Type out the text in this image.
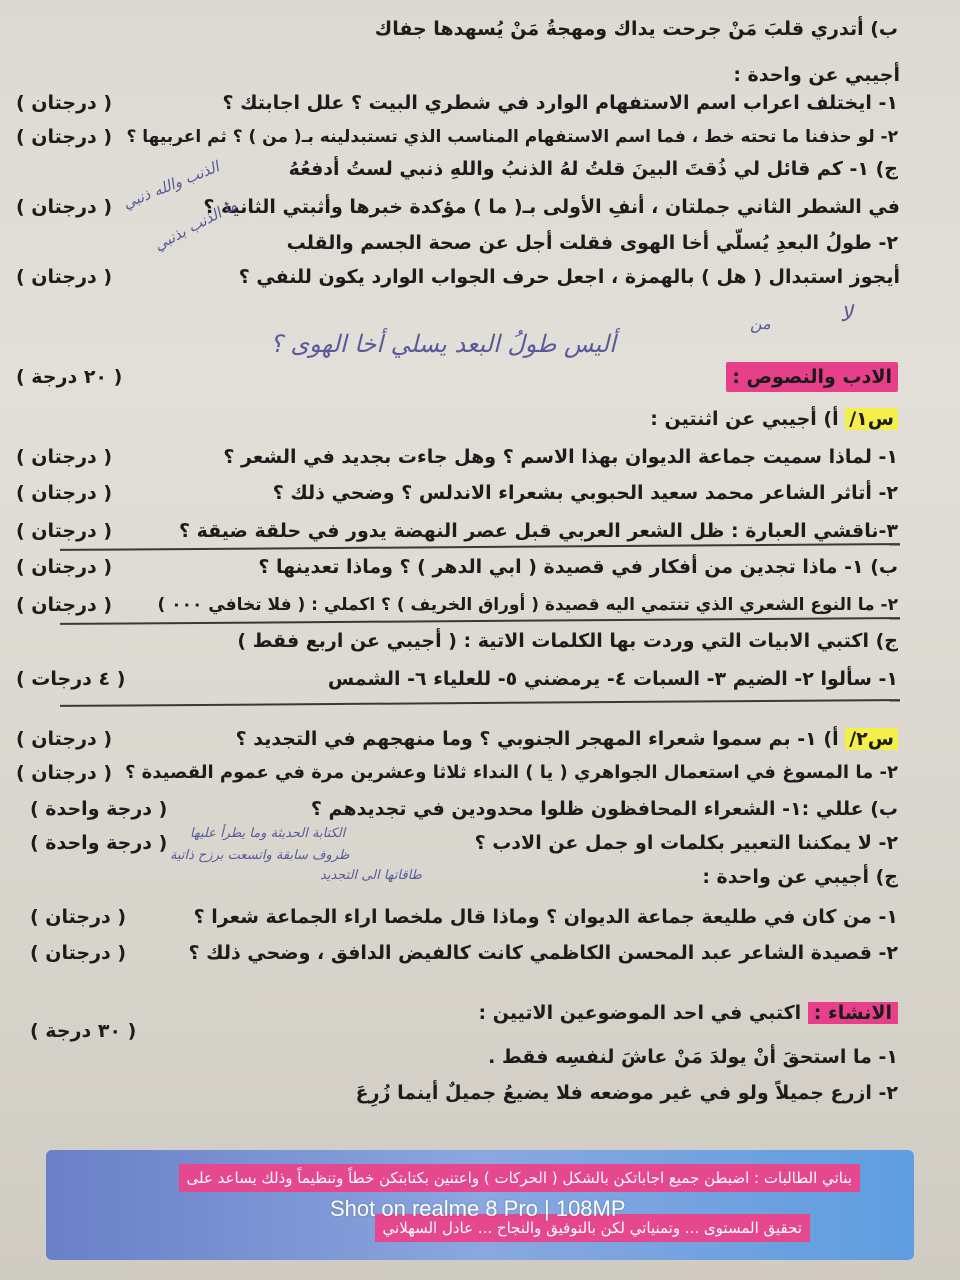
ب) أتدري قلبَ مَنْ جرحت يداك ومهجةُ مَنْ يُسهدها جفاك
أجيبي عن واحدة :
١- ايختلف اعراب اسم الاستفهام الوارد في شطري البيت ؟ علل اجابتك ؟
( درجتان )
٢- لو حذفنا ما تحته خط ، فما اسم الاستفهام المناسب الذي تستبدلينه بـ( من ) ؟ ثم اعربيها ؟
( درجتان )
ج) ١- كم قائل لي ذُقتَ البينَ قلتُ لهُ الذنبُ واللهِ ذنبي لستُ أدفعُهُ
في الشطر الثاني جملتان ، أنفِ الأولى بـ( ما ) مؤكدة خبرها وأثبتي الثانية ؟
( درجتان )
٢- طولُ البعدِ يُسلّي أخا الهوى فقلت أجل عن صحة الجسم والقلب
أيجوز استبدال ( هل ) بالهمزة ، اجعل حرف الجواب الوارد يكون للنفي ؟
( درجتان )
الذنب والله ذنبي
ما الذنب بذنبي
أليس طولُ البعد يسلي أخا الهوى ؟
لا
من
الادب والنصوص :
( ٢٠ درجة )
س١/ أ) أجيبي عن اثنتين :
١- لماذا سميت جماعة الديوان بهذا الاسم ؟ وهل جاءت بجديد في الشعر ؟
( درجتان )
٢- أتاثر الشاعر محمد سعيد الحبوبي بشعراء الاندلس ؟ وضحي ذلك ؟
( درجتان )
٣-ناقشي العبارة : ظل الشعر العربي قبل عصر النهضة يدور في حلقة ضيقة ؟
( درجتان )
ب) ١- ماذا تجدين من أفكار في قصيدة ( ابي الدهر ) ؟ وماذا تعدينها ؟
( درجتان )
٢- ما النوع الشعري الذي تنتمي اليه قصيدة ( أوراق الخريف ) ؟ اكملي : ( فلا تخافي ٠٠٠ )
( درجتان )
ج) اكتبي الابيات التي وردت بها الكلمات الاتية : ( أجيبي عن اربع فقط )
١- سألوا ٢- الضيم ٣- السبات ٤- يرمضني ٥- للعلياء ٦- الشمس
( ٤ درجات )
س٢/ أ) ١- بم سموا شعراء المهجر الجنوبي ؟ وما منهجهم في التجديد ؟
( درجتان )
٢- ما المسوغ في استعمال الجواهري ( يا ) النداء ثلاثا وعشرين مرة في عموم القصيدة ؟
( درجتان )
ب) عللي :١- الشعراء المحافظون ظلوا محدودين في تجديدهم ؟
( درجة واحدة )
٢- لا يمكننا التعبير بكلمات او جمل عن الادب ؟
( درجة واحدة ) الكتابة الحديثة وما يطرأ عليها
ظروف سابقة واتسعت برزح ذاتية
طاقاتها الى التجديد	ج) أجيبي عن واحدة :
١- من كان في طليعة جماعة الديوان ؟ وماذا قال ملخصا اراء الجماعة شعرا ؟
( درجتان )
٢- قصيدة الشاعر عبد المحسن الكاظمي كانت كالفيض الدافق ، وضحي ذلك ؟
( درجتان )
الانشاء : اكتبي في احد الموضوعين الاتيين :
( ٣٠ درجة )
١- ما استحقَ أنْ يولدَ مَنْ عاشَ لنفسِه فقط .
٢- ازرع جميلاً ولو في غير موضعه فلا يضيعُ جميلٌ أينما زُرِعَ
بناتي الطالبات : اضبطن جميع اجاباتكن بالشكل ( الحركات ) واعتنين بكتابتكن خطاً وتنظيماً وذلك يساعد على
تحقيق المستوى ... وتمنياتي لكن بالتوفيق والنجاح ... عادل السهلاني
Shot on realme 8 Pro | 108MP
